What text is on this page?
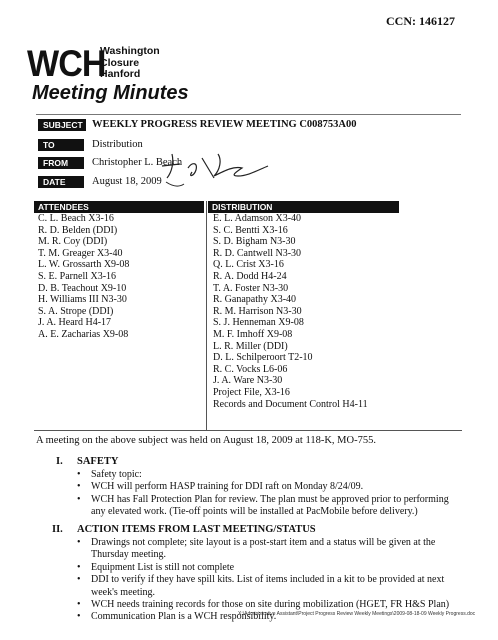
CCN: 146127
WCH
Washington
Closure
Hanford
Meeting Minutes
SUBJECT WEEKLY PROGRESS REVIEW MEETING C008753A00
TO	Distribution
FROM	Christopher L. Beach
DATE	August 18, 2009
ATTENDEES	DISTRIBUTION
C. L. Beach X3-16
R. D. Belden (DDI)
M. R. Coy (DDI)
T. M. Greager X3-40
L. W. Grossarth X9-08
S. E. Parnell X3-16
D. B. Teachout X9-10
H. Williams III N3-30
S. A. Strope (DDI)
J. A. Heard H4-17
A. E. Zacharias X9-08
E. L. Adamson X3-40
S. C. Bentti X3-16
S. D. Bigham N3-30
R. D. Cantwell N3-30
Q. L. Crist X3-16
R. A. Dodd H4-24
T. A. Foster N3-30
R. Ganapathy X3-40
R. M. Harrison N3-30
S. J. Henneman X9-08
M. F. Imhoff X9-08
L. R. Miller (DDI)
D. L. Schilperoort T2-10
R. C. Vocks L6-06
J. A. Ware N3-30
Project File, X3-16
Records and Document Control H4-11
A meeting on the above subject was held on August 18, 2009 at 118-K, MO-755.
I. SAFETY
• Safety topic:
• WCH will perform HASP training for DDI raft on Monday 8/24/09.
• WCH has Fall Protection Plan for review. The plan must be approved prior to performing any elevated work. (Tie-off points will be installed at PacMobile before delivery.)
II. ACTION ITEMS FROM LAST MEETING/STATUS
• Drawings not complete; site layout is a post-start item and a status will be given at the Thursday meeting.
• Equipment List is still not complete
• DDI to verify if they have spill kits. List of items included in a kit to be provided at next week's meeting.
• WCH needs training records for those on site during mobilization (HGET, FR H&S Plan)
• Communication Plan is a WCH responsibility.
X:\Administrative Assistant\Project Progress Review Weekly Meetings\2009-08-18-09 Weekly Progress.doc
